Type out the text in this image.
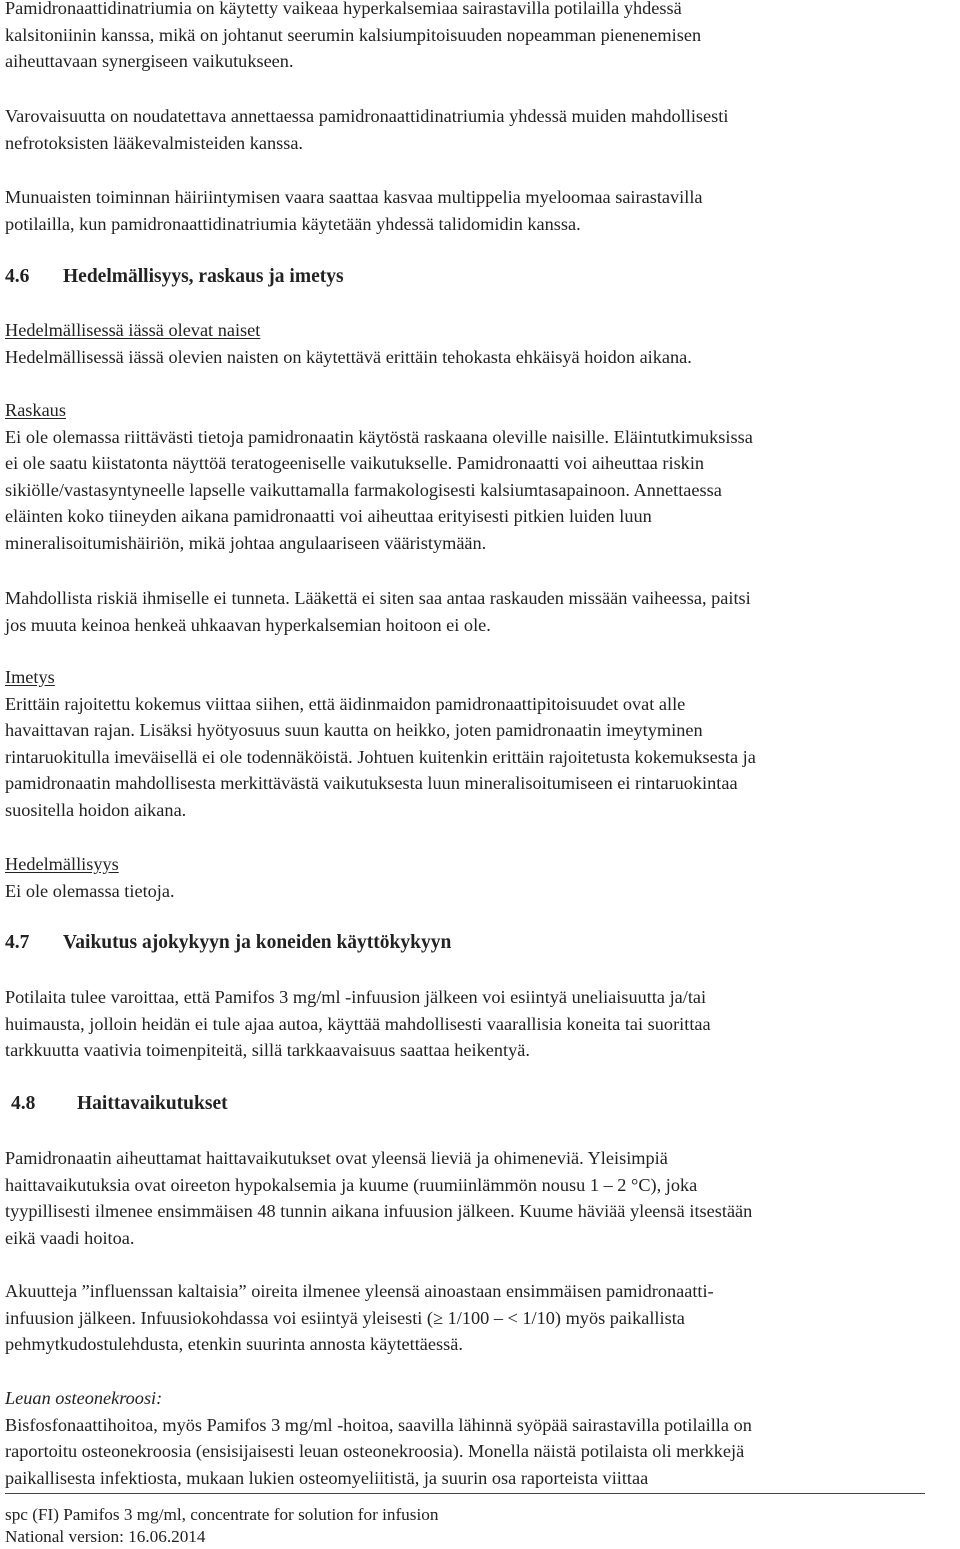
Pamidronaattidinatriumia on käytetty vaikeaa hyperkalsemiaa sairastavilla potilailla yhdessä
kalsitoniinin kanssa, mikä on johtanut seerumin kalsiumpitoisuuden nopeamman pienenemisen
aiheuttavaan synergiseen vaikutukseen.
Varovaisuutta on noudatettava annettaessa pamidronaattidinatriumia yhdessä muiden mahdollisesti
nefrotoksisten lääkevalmisteiden kanssa.
Munuaisten toiminnan häiriintymisen vaara saattaa kasvaa multippelia myeloomaa sairastavilla
potilailla, kun pamidronaattidinatriumia käytetään yhdessä talidomidin kanssa.
4.6 Hedelmällisyys, raskaus ja imetys
Hedelmällisessä iässä olevat naiset
Hedelmällisessä iässä olevien naisten on käytettävä erittäin tehokasta ehkäisyä hoidon aikana.
Raskaus
Ei ole olemassa riittävästi tietoja pamidronaatin käytöstä raskaana oleville naisille. Eläintutkimuksissa
ei ole saatu kiistatonta näyttöä teratogeeniselle vaikutukselle. Pamidronaatti voi aiheuttaa riskin
sikiölle/vastasyntyneelle lapselle vaikuttamalla farmakologisesti kalsiumtasapainoon. Annettaessa
eläinten koko tiineyden aikana pamidronaatti voi aiheuttaa erityisesti pitkien luiden luun
mineralisoitumishäiriön, mikä johtaa angulaariseen vääristymään.
Mahdollista riskiä ihmiselle ei tunneta. Lääkettä ei siten saa antaa raskauden missään vaiheessa, paitsi
jos muuta keinoa henkeä uhkaavan hyperkalsemian hoitoon ei ole.
Imetys
Erittäin rajoitettu kokemus viittaa siihen, että äidinmaidon pamidronaattipitoisuudet ovat alle
havaittavan rajan. Lisäksi hyötyosuus suun kautta on heikko, joten pamidronaatin imeytyminen
rintaruokitulla imeväisellä ei ole todennäköistä. Johtuen kuitenkin erittäin rajoitetusta kokemuksesta ja
pamidronaatin mahdollisesta merkittävästä vaikutuksesta luun mineralisoitumiseen ei rintaruokintaa
suositella hoidon aikana.
Hedelmällisyys
Ei ole olemassa tietoja.
4.7 Vaikutus ajokykyyn ja koneiden käyttökykyyn
Potilaita tulee varoittaa, että Pamifos 3 mg/ml -infuusion jälkeen voi esiintyä uneliaisuutta ja/tai
huimausta, jolloin heidän ei tule ajaa autoa, käyttää mahdollisesti vaarallisia koneita tai suorittaa
tarkkuutta vaativia toimenpiteitä, sillä tarkkaavaisuus saattaa heikentyä.
4.8 Haittavaikutukset
Pamidronaatin aiheuttamat haittavaikutukset ovat yleensä lieviä ja ohimeneviä. Yleisimpiä
haittavaikutuksia ovat oireeton hypokalsemia ja kuume (ruumiinlämmön nousu 1 – 2 °C), joka
tyypillisesti ilmenee ensimmäisen 48 tunnin aikana infuusion jälkeen. Kuume häviää yleensä itsestään
eikä vaadi hoitoa.
Akuutteja ”influenssan kaltaisia” oireita ilmenee yleensä ainoastaan ensimmäisen pamidronaatti-
infuusion jälkeen. Infuusiokohdassa voi esiintyä yleisesti (≥ 1/100 – < 1/10) myös paikallista
pehmytkudostulehdusta, etenkin suurinta annosta käytettäessä.
Leuan osteonekroosi:
Bisfosfonaattihoitoa, myös Pamifos 3 mg/ml -hoitoa, saavilla lähinnä syöpää sairastavilla potilailla on
raportoitu osteonekroosia (ensisijaisesti leuan osteonekroosia). Monella näistä potilaista oli merkkejä
paikallisesta infektiosta, mukaan lukien osteomyeliitistä, ja suurin osa raporteista viittaa
spc (FI) Pamifos 3 mg/ml, concentrate for solution for infusion
National version: 16.06.2014
